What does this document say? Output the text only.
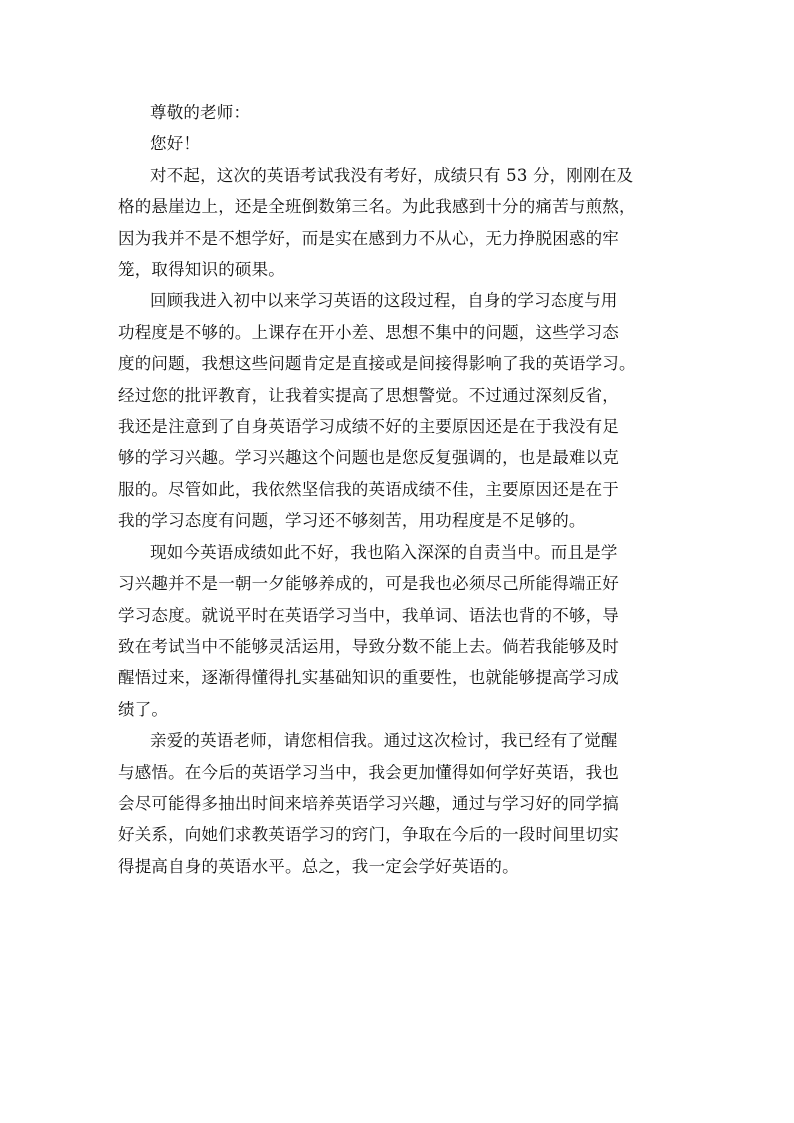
尊敬的老师：

您好！

对不起，这次的英语考试我没有考好，成绩只有 53 分，刚刚在及

格的悬崖边上，还是全班倒数第三名。为此我感到十分的痛苦与煎熬，

因为我并不是不想学好，而是实在感到力不从心，无力挣脱困惑的牢

笼，取得知识的硕果。

回顾我进入初中以来学习英语的这段过程，自身的学习态度与用

功程度是不够的。上课存在开小差、思想不集中的问题，这些学习态

度的问题，我想这些问题肯定是直接或是间接得影响了我的英语学习。

经过您的批评教育，让我着实提高了思想警觉。不过通过深刻反省，

我还是注意到了自身英语学习成绩不好的主要原因还是在于我没有足

够的学习兴趣。学习兴趣这个问题也是您反复强调的，也是最难以克

服的。尽管如此，我依然坚信我的英语成绩不佳，主要原因还是在于

我的学习态度有问题，学习还不够刻苦，用功程度是不足够的。

现如今英语成绩如此不好，我也陷入深深的自责当中。而且是学

习兴趣并不是一朝一夕能够养成的，可是我也必须尽己所能得端正好

学习态度。就说平时在英语学习当中，我单词、语法也背的不够，导

致在考试当中不能够灵活运用，导致分数不能上去。倘若我能够及时

醒悟过来，逐渐得懂得扎实基础知识的重要性，也就能够提高学习成

绩了。

亲爱的英语老师，请您相信我。通过这次检讨，我已经有了觉醒

与感悟。在今后的英语学习当中，我会更加懂得如何学好英语，我也

会尽可能得多抽出时间来培养英语学习兴趣，通过与学习好的同学搞

好关系，向她们求教英语学习的窍门，争取在今后的一段时间里切实

得提高自身的英语水平。总之，我一定会学好英语的。
